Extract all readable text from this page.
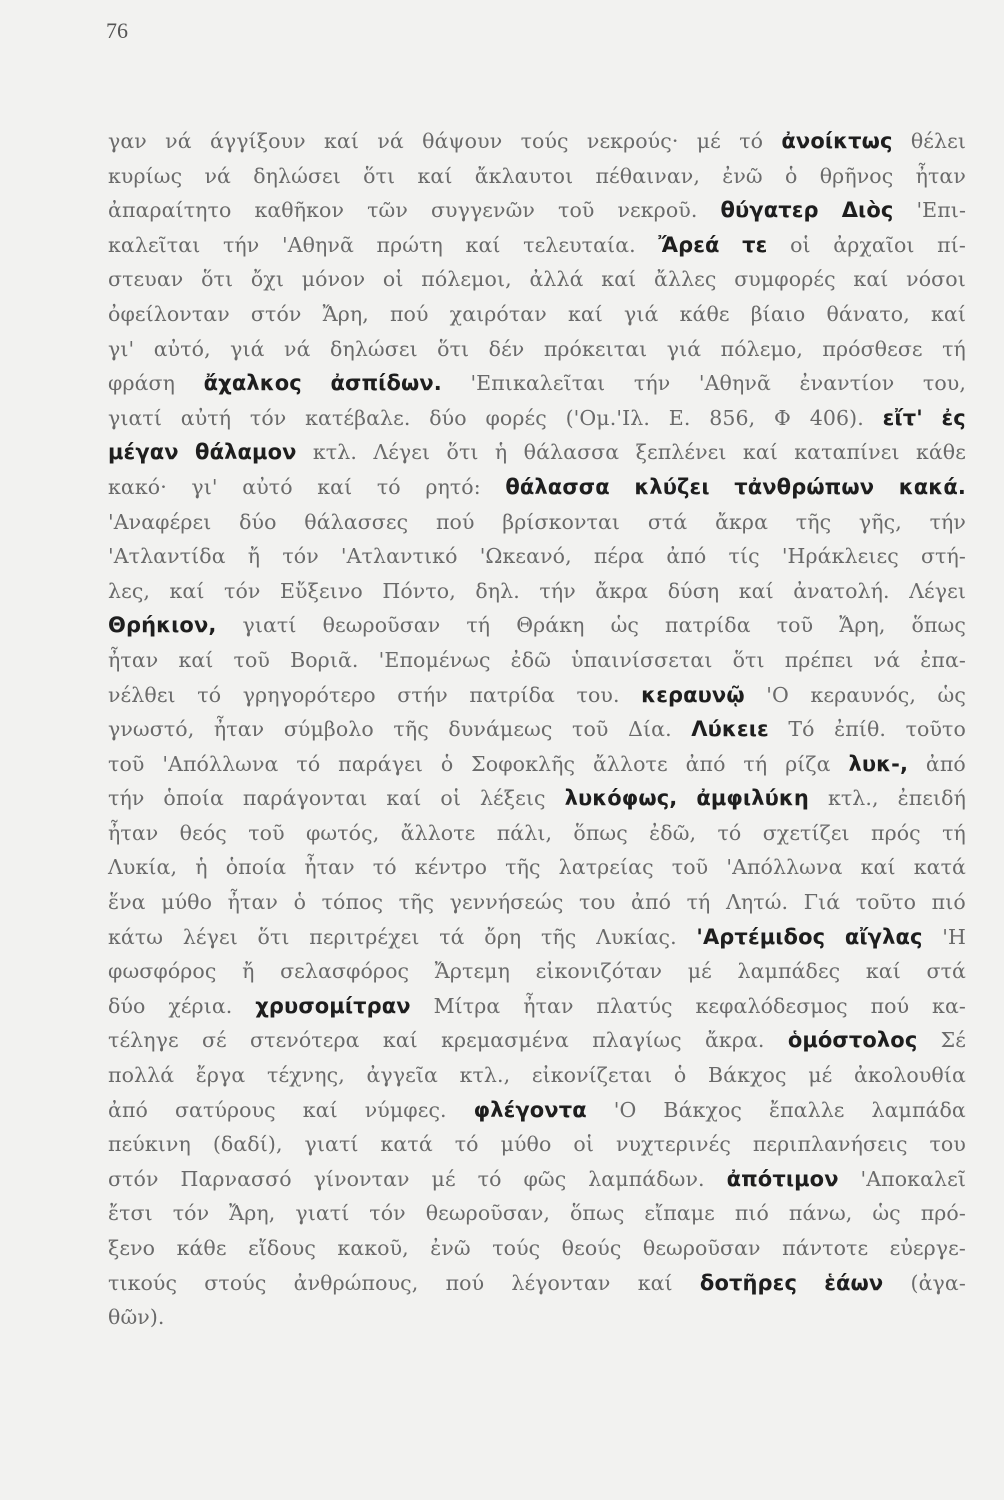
76
γαν νά άγγίξουν καί νά θάψουν τούς νεκρούς· μέ τό ἀνοίκτως θέλει
κυρίως νά δηλώσει ὅτι καί ἄκλαυτοι πέθαιναν, ἐνῶ ὁ θρῆνος ἦταν
ἀπαραίτητο καθῆκον τῶν συγγενῶν τοῦ νεκροῦ. θύγατερ Διὸς 'Επι-
καλεῖται τήν 'Αθηνᾶ πρώτη καί τελευταία. Ἄρεά τε οἱ ἀρχαῖοι πί-
στευαν ὅτι ὄχι μόνον οἱ πόλεμοι, ἀλλά καί ἄλλες συμφορές καί νόσοι
ὀφείλονταν στόν Ἄρη, πού χαιρόταν καί γιά κάθε βίαιο θάνατο, καί
γι' αὐτό, γιά νά δηλώσει ὅτι δέν πρόκειται γιά πόλεμο, πρόσθεσε τή
φράση ἄχαλκος ἀσπίδων. 'Επικαλεῖται τήν 'Αθηνᾶ ἐναντίον του,
γιατί αὐτή τόν κατέβαλε. δύο φορές ('Ομ.'Ιλ. Ε. 856, Φ 406). εἴτ' ἐς
μέγαν θάλαμον κτλ. Λέγει ὅτι ἡ θάλασσα ξεπλένει καί καταπίνει κάθε
κακό· γι' αὐτό καί τό ρητό: θάλασσα κλύζει τἀνθρώπων κακά.
'Αναφέρει δύο θάλασσες πού βρίσκονται στά ἄκρα τῆς γῆς, τήν
'Ατλαντίδα ἤ τόν 'Ατλαντικό 'Ωκεανό, πέρα ἀπό τίς 'Ηράκλειες στή-
λες, καί τόν Εὔξεινο Πόντο, δηλ. τήν ἄκρα δύση καί ἀνατολή. Λέγει
Θρήκιον, γιατί θεωροῦσαν τή Θράκη ὡς πατρίδα τοῦ Ἄρη, ὅπως
ἦταν καί τοῦ Βοριᾶ. 'Επομένως ἐδῶ ὑπαινίσσεται ὅτι πρέπει νά ἐπα-
νέλθει τό γρηγορότερο στήν πατρίδα του. κεραυνῷ 'Ο κεραυνός, ὡς
γνωστό, ἦταν σύμβολο τῆς δυνάμεως τοῦ Δία. Λύκειε Τό ἐπίθ. τοῦτο
τοῦ 'Απόλλωνα τό παράγει ὁ Σοφοκλῆς ἄλλοτε ἀπό τή ρίζα λυκ-, ἀπό
τήν ὁποία παράγονται καί οἱ λέξεις λυκόφως, ἀμφιλύκη κτλ., ἐπειδή
ἦταν θεός τοῦ φωτός, ἄλλοτε πάλι, ὅπως ἐδῶ, τό σχετίζει πρός τή
Λυκία, ἡ ὁποία ἦταν τό κέντρο τῆς λατρείας τοῦ 'Απόλλωνα καί κατά
ἕνα μύθο ἦταν ὁ τόπος τῆς γεννήσεώς του ἀπό τή Λητώ. Γιά τοῦτο πιό
κάτω λέγει ὅτι περιτρέχει τά ὄρη τῆς Λυκίας. 'Αρτέμιδος αἴγλας 'Η
φωσφόρος ἤ σελασφόρος Ἄρτεμη εἰκονιζόταν μέ λαμπάδες καί στά
δύο χέρια. χρυσομίτραν Μίτρα ἦταν πλατύς κεφαλόδεσμος πού κα-
τέληγε σέ στενότερα καί κρεμασμένα πλαγίως ἄκρα. ὁμόστολος Σέ
πολλά ἔργα τέχνης, ἀγγεῖα κτλ., εἰκονίζεται ὁ Βάκχος μέ ἀκολουθία
ἀπό σατύρους καί νύμφες. φλέγοντα 'Ο Βάκχος ἔπαλλε λαμπάδα
πεύκινη (δαδί), γιατί κατά τό μύθο οἱ νυχτερινές περιπλανήσεις του
στόν Παρνασσό γίνονταν μέ τό φῶς λαμπάδων. ἀπότιμον 'Αποκαλεῖ
ἔτσι τόν Ἄρη, γιατί τόν θεωροῦσαν, ὅπως εἴπαμε πιό πάνω, ὡς πρό-
ξενο κάθε εἴδους κακοῦ, ἐνῶ τούς θεούς θεωροῦσαν πάντοτε εὐεργε-
τικούς στούς ἀνθρώπους, πού λέγονταν καί δοτῆρες ἑάων (ἀγα-
θῶν).
